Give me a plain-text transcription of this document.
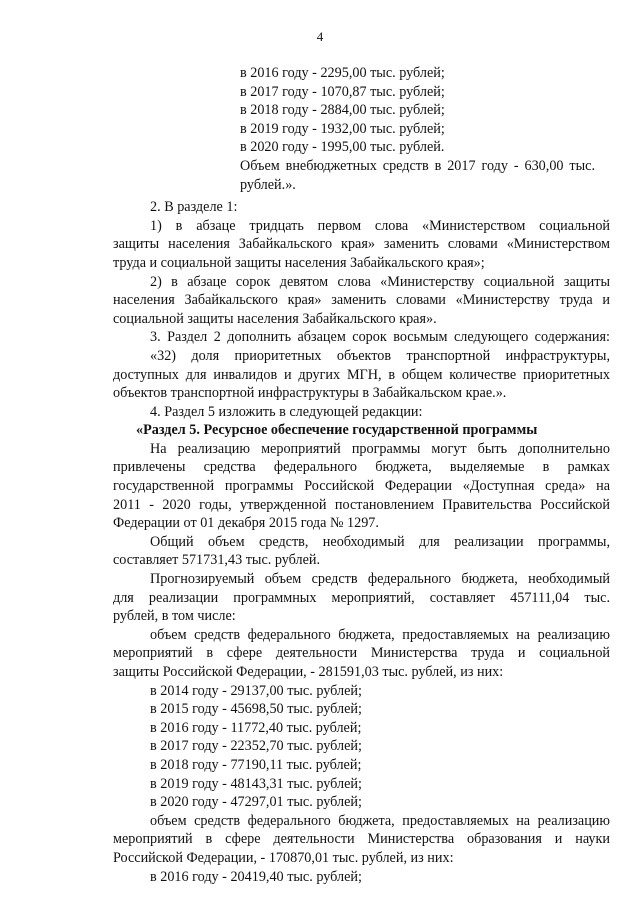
4
в 2016 году - 2295,00 тыс. рублей;
в 2017 году - 1070,87 тыс. рублей;
в 2018 году - 2884,00 тыс. рублей;
в 2019 году - 1932,00 тыс. рублей;
в 2020 году - 1995,00 тыс. рублей.
Объем внебюджетных средств в 2017 году - 630,00 тыс.
рублей.».
2. В разделе 1:
1) в абзаце тридцать первом слова «Министерством социальной
защиты населения Забайкальского края» заменить словами «Министерством
труда и социальной защиты населения Забайкальского края»;
2) в абзаце сорок девятом слова «Министерству социальной защиты
населения Забайкальского края» заменить словами «Министерству труда и
социальной защиты населения Забайкальского края».
3. Раздел 2 дополнить абзацем сорок восьмым следующего содержания:
«32) доля приоритетных объектов транспортной инфраструктуры,
доступных для инвалидов и других МГН, в общем количестве приоритетных
объектов транспортной инфраструктуры в Забайкальском крае.».
4. Раздел 5 изложить в следующей редакции:
«Раздел 5. Ресурсное обеспечение государственной программы
На реализацию мероприятий программы могут быть дополнительно
привлечены средства федерального бюджета, выделяемые в рамках
государственной программы Российской Федерации «Доступная среда» на
2011 - 2020 годы, утвержденной постановлением Правительства Российской
Федерации от 01 декабря 2015 года № 1297.
Общий объем средств, необходимый для реализации программы,
составляет 571731,43 тыс. рублей.
Прогнозируемый объем средств федерального бюджета, необходимый
для реализации программных мероприятий, составляет 457111,04 тыс.
рублей, в том числе:
объем средств федерального бюджета, предоставляемых на реализацию
мероприятий в сфере деятельности Министерства труда и социальной
защиты Российской Федерации, - 281591,03 тыс. рублей, из них:
в 2014 году - 29137,00 тыс. рублей;
в 2015 году - 45698,50 тыс. рублей;
в 2016 году - 11772,40 тыс. рублей;
в 2017 году - 22352,70 тыс. рублей;
в 2018 году - 77190,11 тыс. рублей;
в 2019 году - 48143,31 тыс. рублей;
в 2020 году - 47297,01 тыс. рублей;
объем средств федерального бюджета, предоставляемых на реализацию
мероприятий в сфере деятельности Министерства образования и науки
Российской Федерации, - 170870,01 тыс. рублей, из них:
в 2016 году - 20419,40 тыс. рублей;
